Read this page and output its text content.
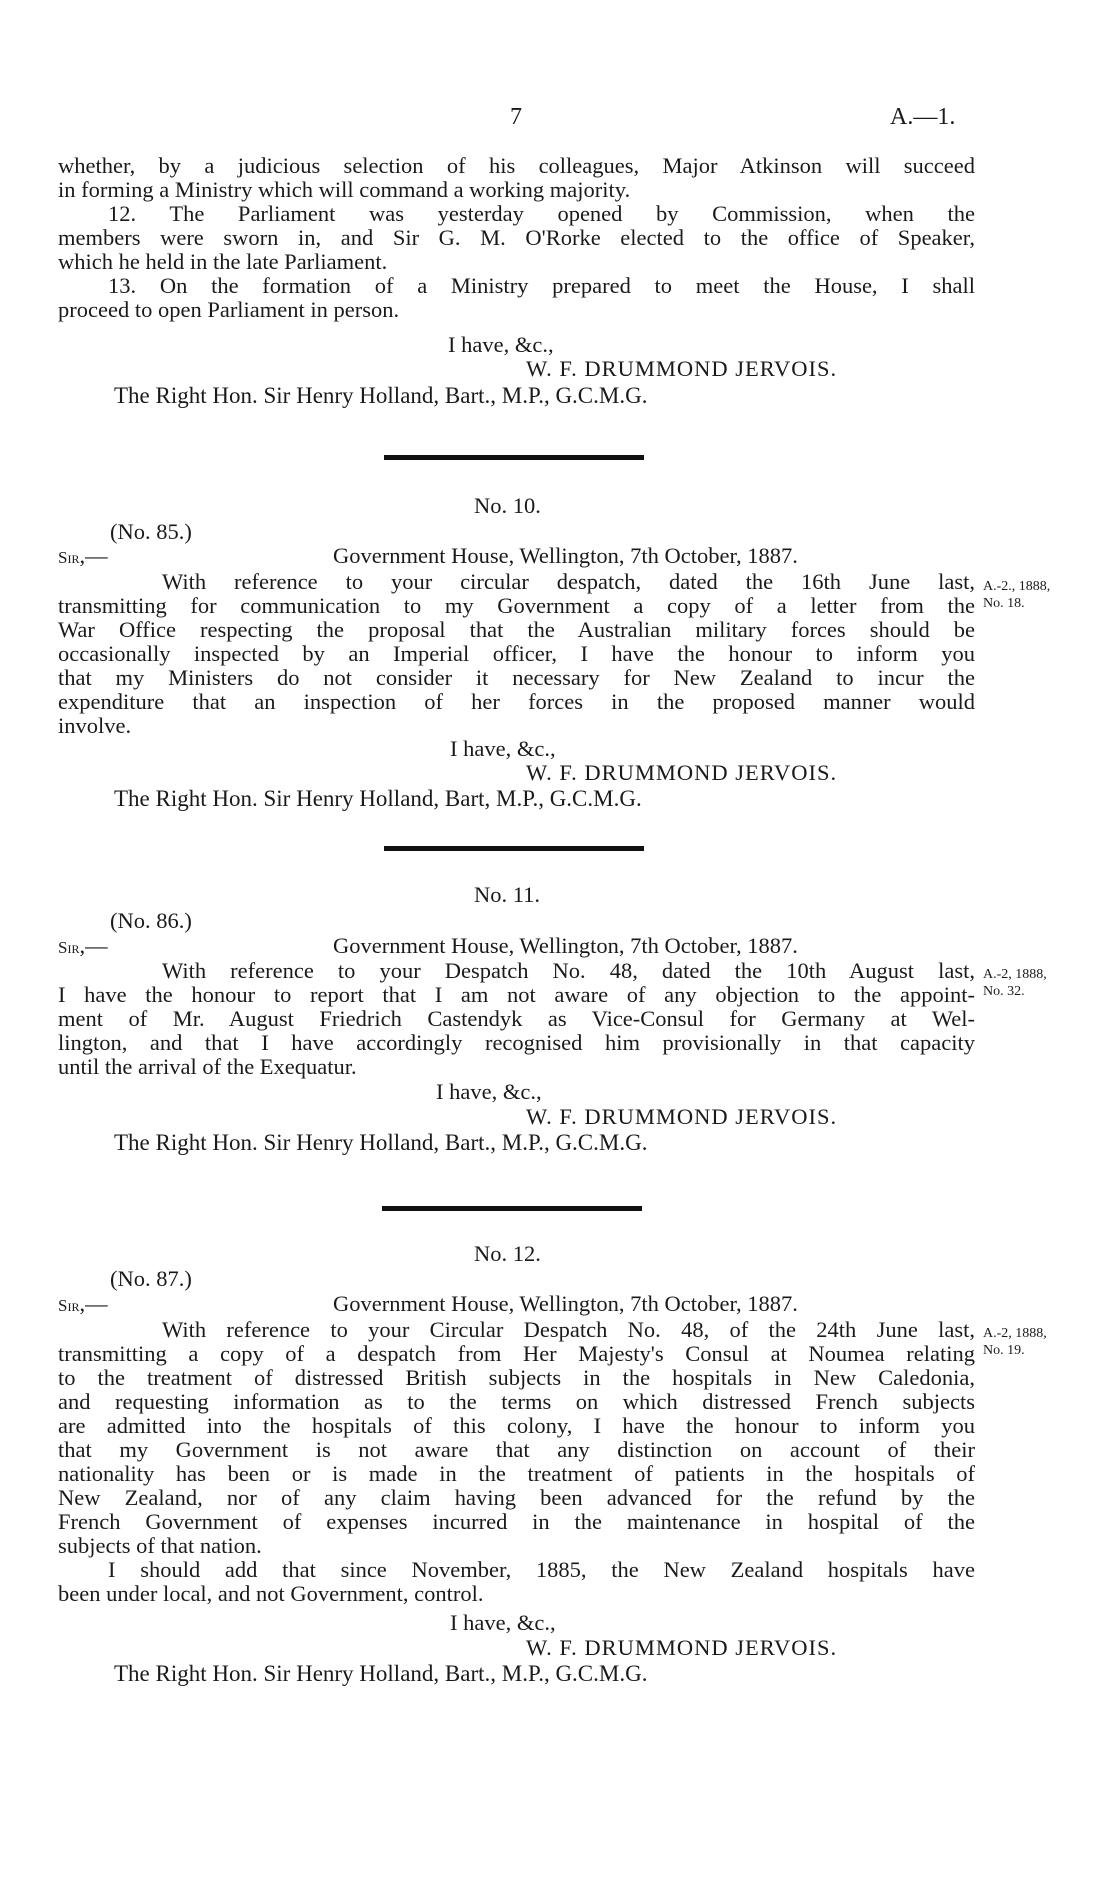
7	A.—1.
whether, by a judicious selection of his colleagues, Major Atkinson will succeed
in forming a Ministry which will command a working majority.
12. The Parliament was yesterday opened by Commission, when the
members were sworn in, and Sir G. M. O'Rorke elected to the office of Speaker,
which he held in the late Parliament.
13. On the formation of a Ministry prepared to meet the House, I shall
proceed to open Parliament in person.
I have, &c.,
W. F. DRUMMOND JERVOIS.
The Right Hon. Sir Henry Holland, Bart., M.P., G.C.M.G.
No. 10.
(No. 85.)
Sir,—	Government House, Wellington, 7th October, 1887.
With reference to your circular despatch, dated the 16th June last,
transmitting for communication to my Government a copy of a letter from the
War Office respecting the proposal that the Australian military forces should be
occasionally inspected by an Imperial officer, I have the honour to inform you
that my Ministers do not consider it necessary for New Zealand to incur the
expenditure that an inspection of her forces in the proposed manner would
involve.
I have, &c.,
W. F. DRUMMOND JERVOIS.
The Right Hon. Sir Henry Holland, Bart, M.P., G.C.M.G.
A.-2., 1888,
No. 18.
No. 11.
(No. 86.)
Sir,—	Government House, Wellington, 7th October, 1887.
With reference to your Despatch No. 48, dated the 10th August last,
I have the honour to report that I am not aware of any objection to the appoint-
ment of Mr. August Friedrich Castendyk as Vice-Consul for Germany at Wel-
lington, and that I have accordingly recognised him provisionally in that capacity
until the arrival of the Exequatur.
I have, &c.,
W. F. DRUMMOND JERVOIS.
The Right Hon. Sir Henry Holland, Bart., M.P., G.C.M.G.
A.-2, 1888,
No. 32.
No. 12.
(No. 87.)
Sir,—	Government House, Wellington, 7th October, 1887.
With reference to your Circular Despatch No. 48, of the 24th June last,
transmitting a copy of a despatch from Her Majesty's Consul at Noumea relating
to the treatment of distressed British subjects in the hospitals in New Caledonia,
and requesting information as to the terms on which distressed French subjects
are admitted into the hospitals of this colony, I have the honour to inform you
that my Government is not aware that any distinction on account of their
nationality has been or is made in the treatment of patients in the hospitals of
New Zealand, nor of any claim having been advanced for the refund by the
French Government of expenses incurred in the maintenance in hospital of the
subjects of that nation.
I should add that since November, 1885, the New Zealand hospitals have
been under local, and not Government, control.
I have, &c.,
W. F. DRUMMOND JERVOIS.
The Right Hon. Sir Henry Holland, Bart., M.P., G.C.M.G.
A.-2, 1888,
No. 19.
